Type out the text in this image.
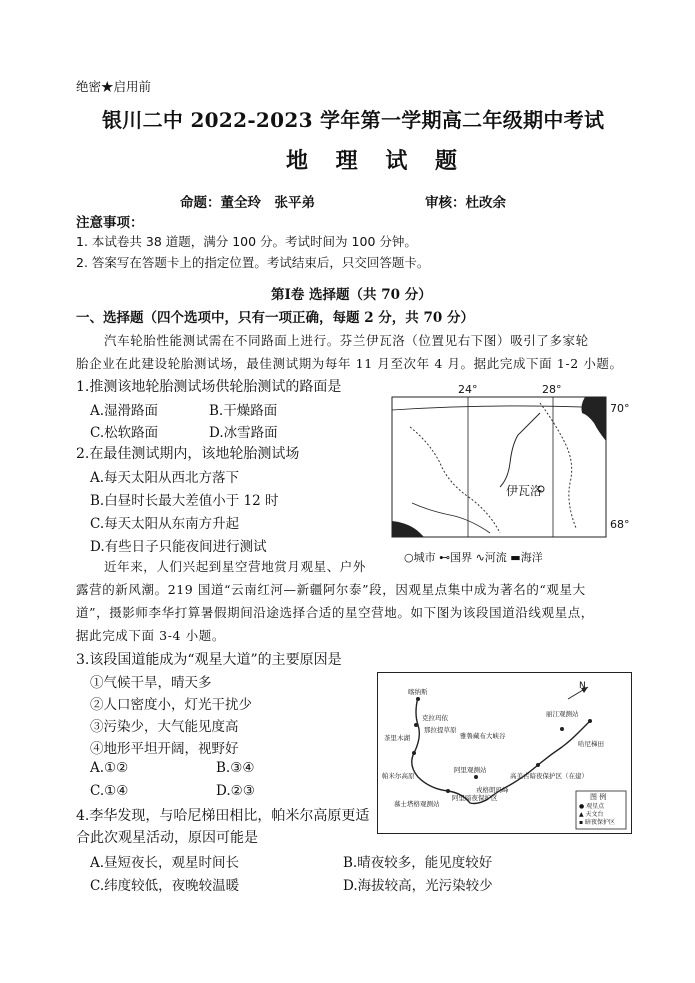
绝密★启用前
银川二中 2022-2023 学年第一学期高二年级期中考试
地 理 试 题
命题：董全玲　张平弟	审核：杜改余
注意事项：
1. 本试卷共 38 道题，满分 100 分。考试时间为 100 分钟。
2. 答案写在答题卡上的指定位置。考试结束后，只交回答题卡。
第Ⅰ卷 选择题（共 70 分）
一、选择题（四个选项中，只有一项正确，每题 2 分，共 70 分）
汽车轮胎性能测试需在不同路面上进行。芬兰伊瓦洛（位置见右下图）吸引了多家轮
胎企业在此建设轮胎测试场，最佳测试期为每年 11 月至次年 4 月。据此完成下面 1-2 小题。
1.推测该地轮胎测试场供轮胎测试的路面是
A.湿滑路面	B.干燥路面
C.松软路面	D.冰雪路面
2.在最佳测试期内，该地轮胎测试场
A.每天太阳从西北方落下
B.白昼时长最大差值小于 12 时
C.每天太阳从东南方升起
D.有些日子只能夜间进行测试
24°	28°
70°
68°
伊瓦洛
○城市 ⊷国界 ∿河流 ▬海洋
近年来，人们兴起到星空营地赏月观星、户外
露营的新风潮。219 国道“云南红河—新疆阿尔泰”段，因观星点集中成为著名的“观星大
道”，摄影师李华打算暑假期间沿途选择合适的星空营地。如下图为该段国道沿线观星点，
据此完成下面 3-4 小题。
3.该段国道能成为“观星大道”的主要原因是
①气候干旱，晴天多
②人口密度小，灯光干扰少
③污染少，大气能见度高
④地形平坦开阔，视野好
A.①②	B.③④
C.①④	D.②③
N
喀纳斯
克拉玛依
那拉提草原
茶里木湖
帕米尔高原
慕士塔格观测站
阿里观测站
阿里暗夜保护区
戎格朗玛峰
雅鲁藏布大峡谷
丽江观测站
哈尼梯田
高美古暗夜保护区（在建）
图 例
● 观星点
▲ 天文台
▪ 暗夜保护区
4.李华发现，与哈尼梯田相比，帕米尔高原更适
合此次观星活动，原因可能是
A.昼短夜长，观星时间长	B.晴夜较多，能见度较好
C.纬度较低，夜晚较温暖	D.海拔较高，光污染较少
